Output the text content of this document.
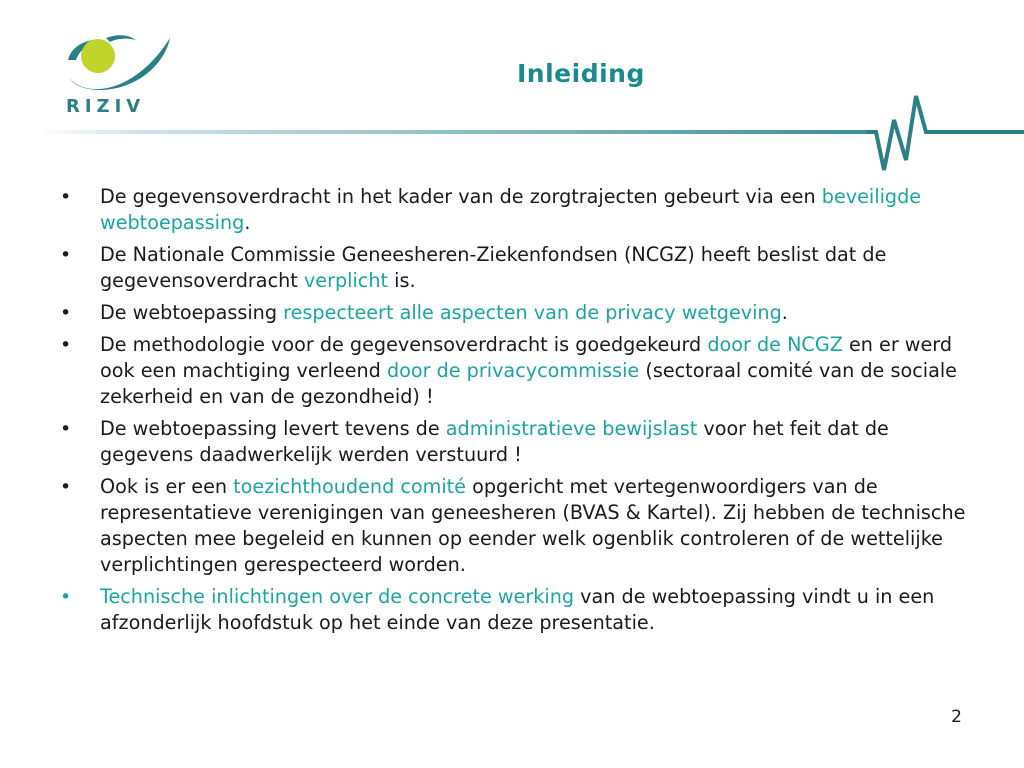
RIZIV
Inleiding
•	De gegevensoverdracht in het kader van de zorgtrajecten gebeurt via een beveiligde webtoepassing.
•	De Nationale Commissie Geneesheren-Ziekenfondsen (NCGZ) heeft beslist dat de gegevensoverdracht verplicht is.
•	De webtoepassing respecteert alle aspecten van de privacy wetgeving.
•	De methodologie voor de gegevensoverdracht is goedgekeurd door de NCGZ en er werd ook een machtiging verleend door de privacycommissie (sectoraal comité van de sociale zekerheid en van de gezondheid) !
•	De webtoepassing levert tevens de administratieve bewijslast voor het feit dat de gegevens daadwerkelijk werden verstuurd !
•	Ook is er een toezichthoudend comité opgericht met vertegenwoordigers van de representatieve verenigingen van geneesheren (BVAS & Kartel). Zij hebben de technische aspecten mee begeleid en kunnen op eender welk ogenblik controleren of de wettelijke verplichtingen gerespecteerd worden.
•	Technische inlichtingen over de concrete werking van de webtoepassing vindt u in een afzonderlijk hoofdstuk op het einde van deze presentatie.
2
